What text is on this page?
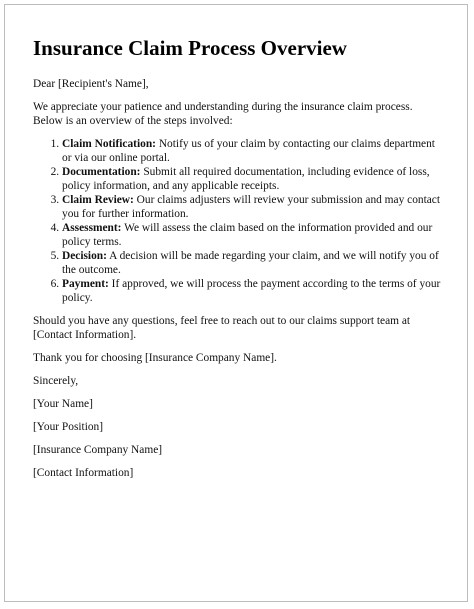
Insurance Claim Process Overview

Dear [Recipient's Name],

We appreciate your patience and understanding during the insurance claim process. Below is an overview of the steps involved:

1. Claim Notification: Notify us of your claim by contacting our claims department or via our online portal.
2. Documentation: Submit all required documentation, including evidence of loss, policy information, and any applicable receipts.
3. Claim Review: Our claims adjusters will review your submission and may contact you for further information.
4. Assessment: We will assess the claim based on the information provided and our policy terms.
5. Decision: A decision will be made regarding your claim, and we will notify you of the outcome.
6. Payment: If approved, we will process the payment according to the terms of your policy.

Should you have any questions, feel free to reach out to our claims support team at [Contact Information].

Thank you for choosing [Insurance Company Name].

Sincerely,

[Your Name]

[Your Position]

[Insurance Company Name]

[Contact Information]
